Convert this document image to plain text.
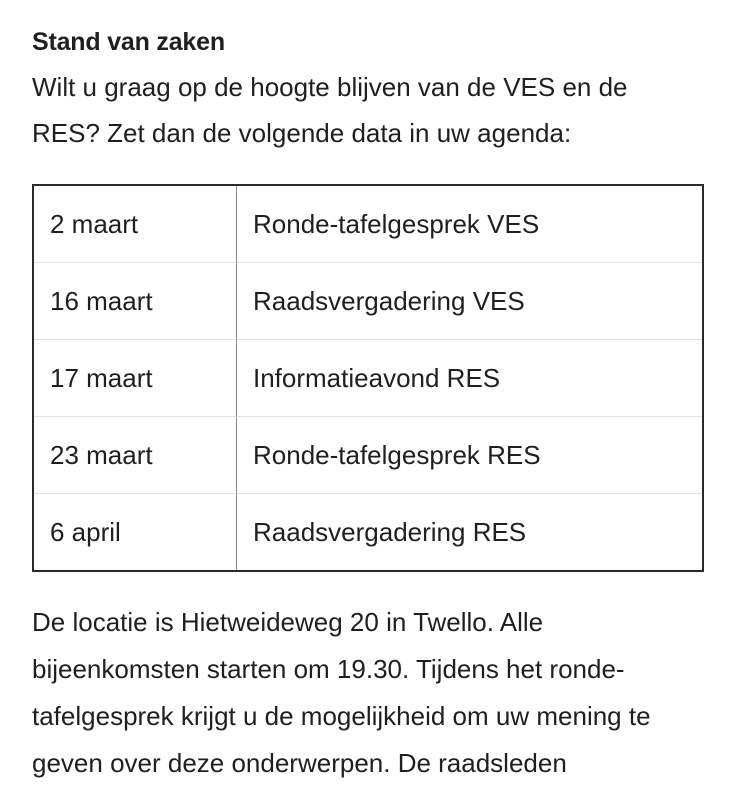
Stand van zaken

Wilt u graag op de hoogte blijven van de VES en de RES? Zet dan de volgende data in uw agenda:

2 maart	Ronde-tafelgesprek VES
16 maart	Raadsvergadering VES
17 maart	Informatieavond RES
23 maart	Ronde-tafelgesprek RES
6 april	Raadsvergadering RES

De locatie is Hietweideweg 20 in Twello. Alle bijeenkomsten starten om 19.30. Tijdens het ronde-tafelgesprek krijgt u de mogelijkheid om uw mening te geven over deze onderwerpen. De raadsleden
